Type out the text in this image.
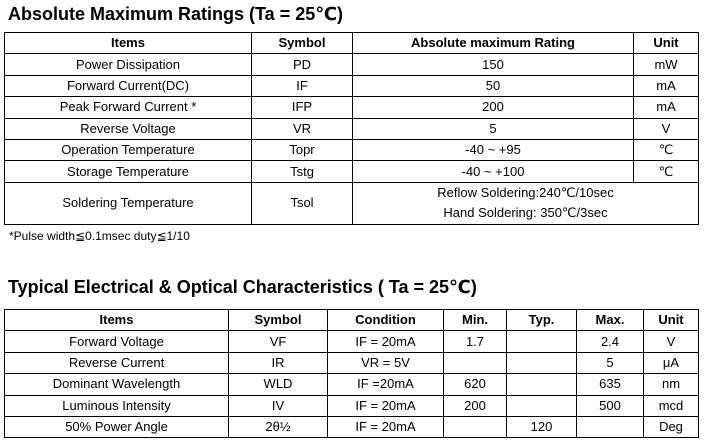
Absolute Maximum Ratings (Ta = 25℃)
Items	Symbol	Absolute maximum Rating	Unit
Power Dissipation	PD	150	mW
Forward Current(DC)	IF	50	mA
Peak Forward Current *	IFP	200	mA
Reverse Voltage	VR	5	V
Operation Temperature	Topr	-40 ~ +95	℃
Storage Temperature	Tstg	-40 ~ +100	℃
Soldering Temperature	Tsol	Reflow Soldering:240℃/10sec
Hand Soldering: 350℃/3sec	
*Pulse width≦0.1msec duty≦1/10
Typical Electrical & Optical Characteristics ( Ta = 25℃)
Items	Symbol	Condition	Min.	Typ.	Max.	Unit
Forward Voltage	VF	IF = 20mA	1.7		2.4	V
Reverse Current	IR	VR = 5V			5	μA
Dominant Wavelength	WLD	IF =20mA	620		635	nm
Luminous Intensity	IV	IF = 20mA	200		500	mcd
50% Power Angle	2θ½	IF = 20mA		120		Deg
